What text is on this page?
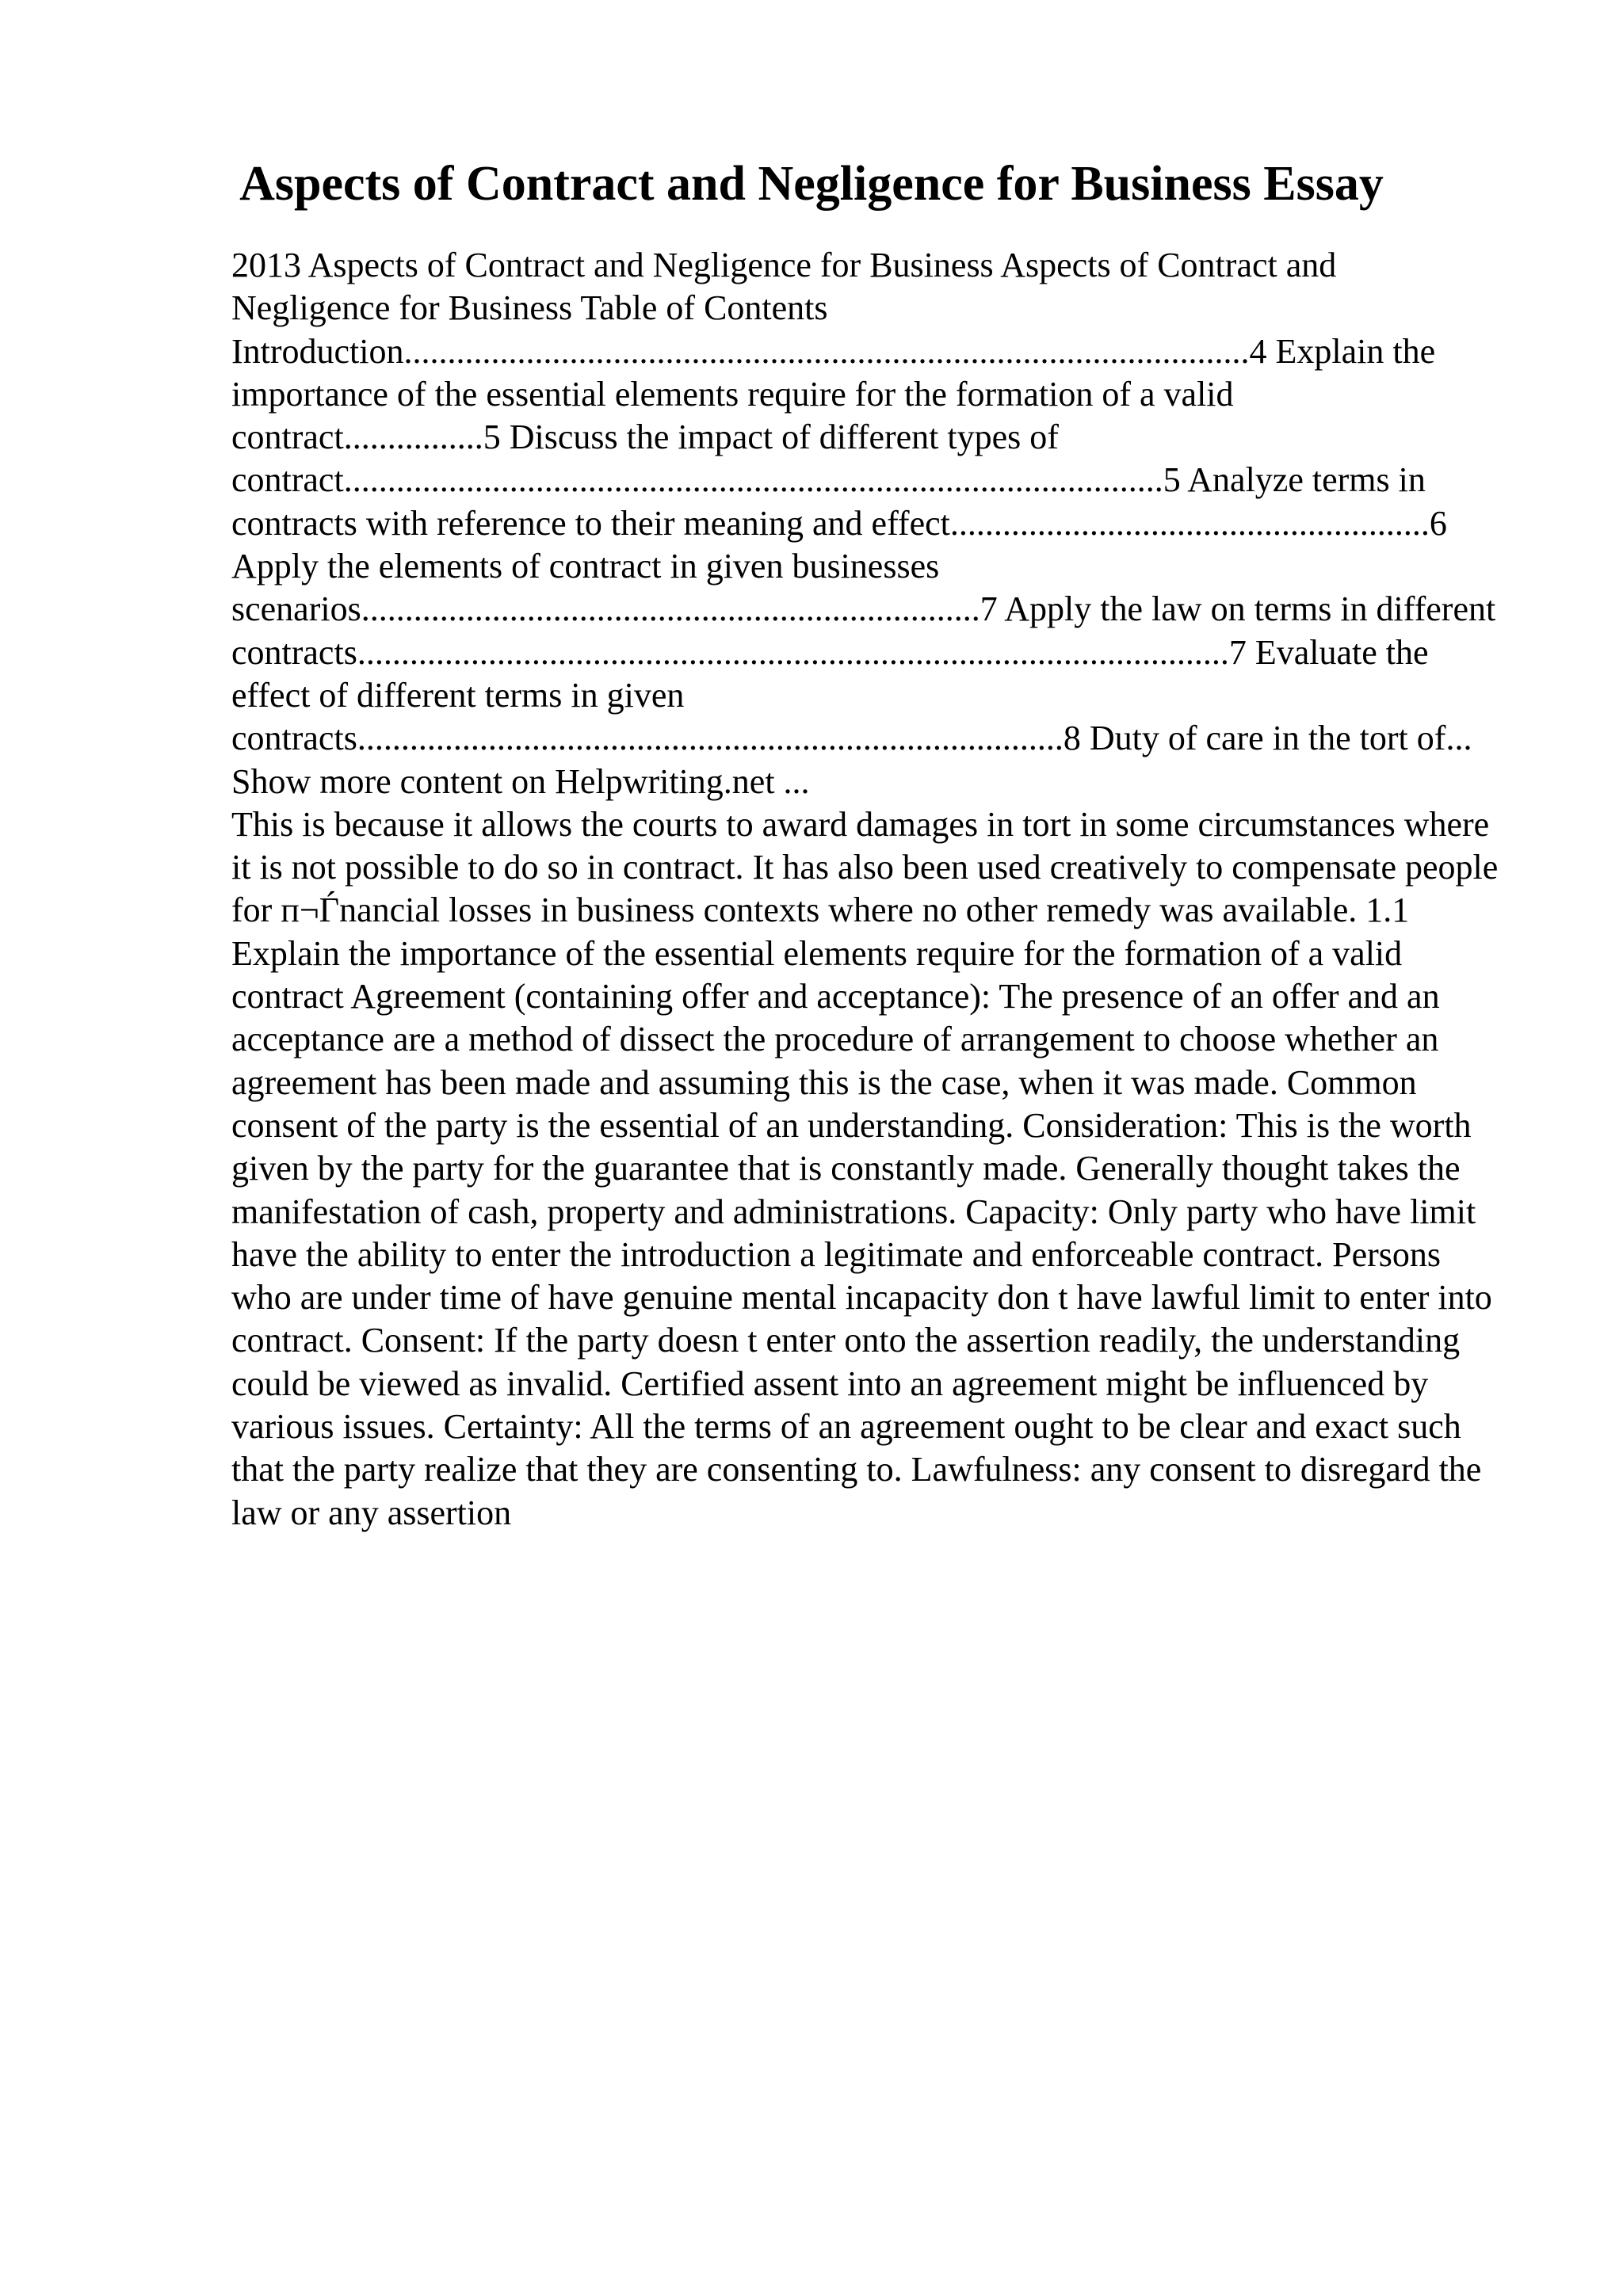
Aspects of Contract and Negligence for Business Essay

2013 Aspects of Contract and Negligence for Business Aspects of Contract and Negligence for Business Table of Contents Introduction.................................................................................................4 Explain the importance of the essential elements require for the formation of a valid contract................5 Discuss the impact of different types of contract..............................................................................................5 Analyze terms in contracts with reference to their meaning and effect.......................................................6 Apply the elements of contract in given businesses scenarios.......................................................................7 Apply the law on terms in different contracts....................................................................................................7 Evaluate the effect of different terms in given contracts.................................................................................8 Duty of care in the tort of... Show more content on Helpwriting.net ...

This is because it allows the courts to award damages in tort in some circumstances where it is not possible to do so in contract. It has also been used creatively to compensate people for п¬Ѓnancial losses in business contexts where no other remedy was available. 1.1 Explain the importance of the essential elements require for the formation of a valid contract Agreement (containing offer and acceptance): The presence of an offer and an acceptance are a method of dissect the procedure of arrangement to choose whether an agreement has been made and assuming this is the case, when it was made. Common consent of the party is the essential of an understanding. Consideration: This is the worth given by the party for the guarantee that is constantly made. Generally thought takes the manifestation of cash, property and administrations. Capacity: Only party who have limit have the ability to enter the introduction a legitimate and enforceable contract. Persons who are under time of have genuine mental incapacity don t have lawful limit to enter into contract. Consent: If the party doesn t enter onto the assertion readily, the understanding could be viewed as invalid. Certified assent into an agreement might be influenced by various issues. Certainty: All the terms of an agreement ought to be clear and exact such that the party realize that they are consenting to. Lawfulness: any consent to disregard the law or any assertion
